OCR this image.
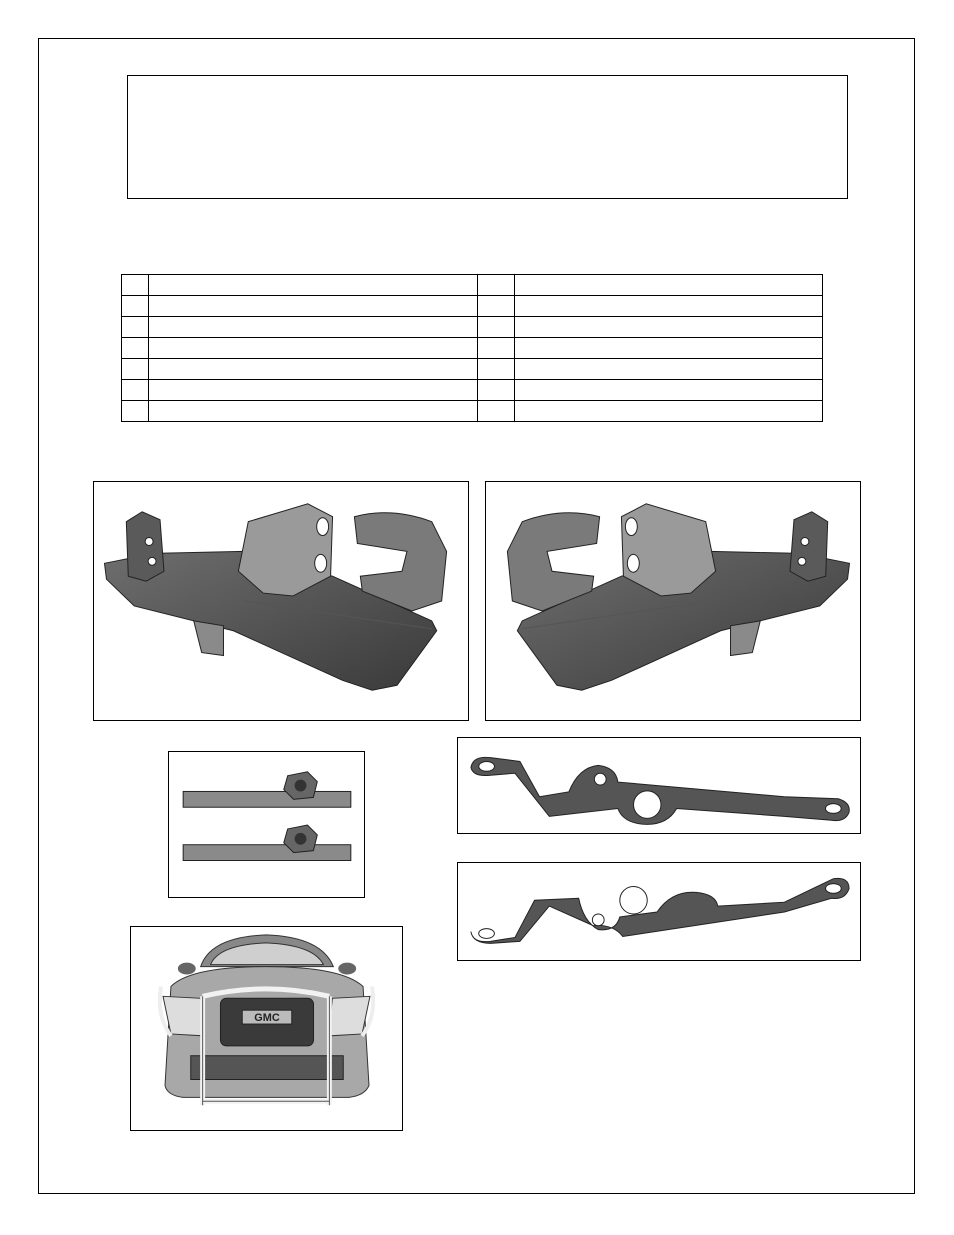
GMC
